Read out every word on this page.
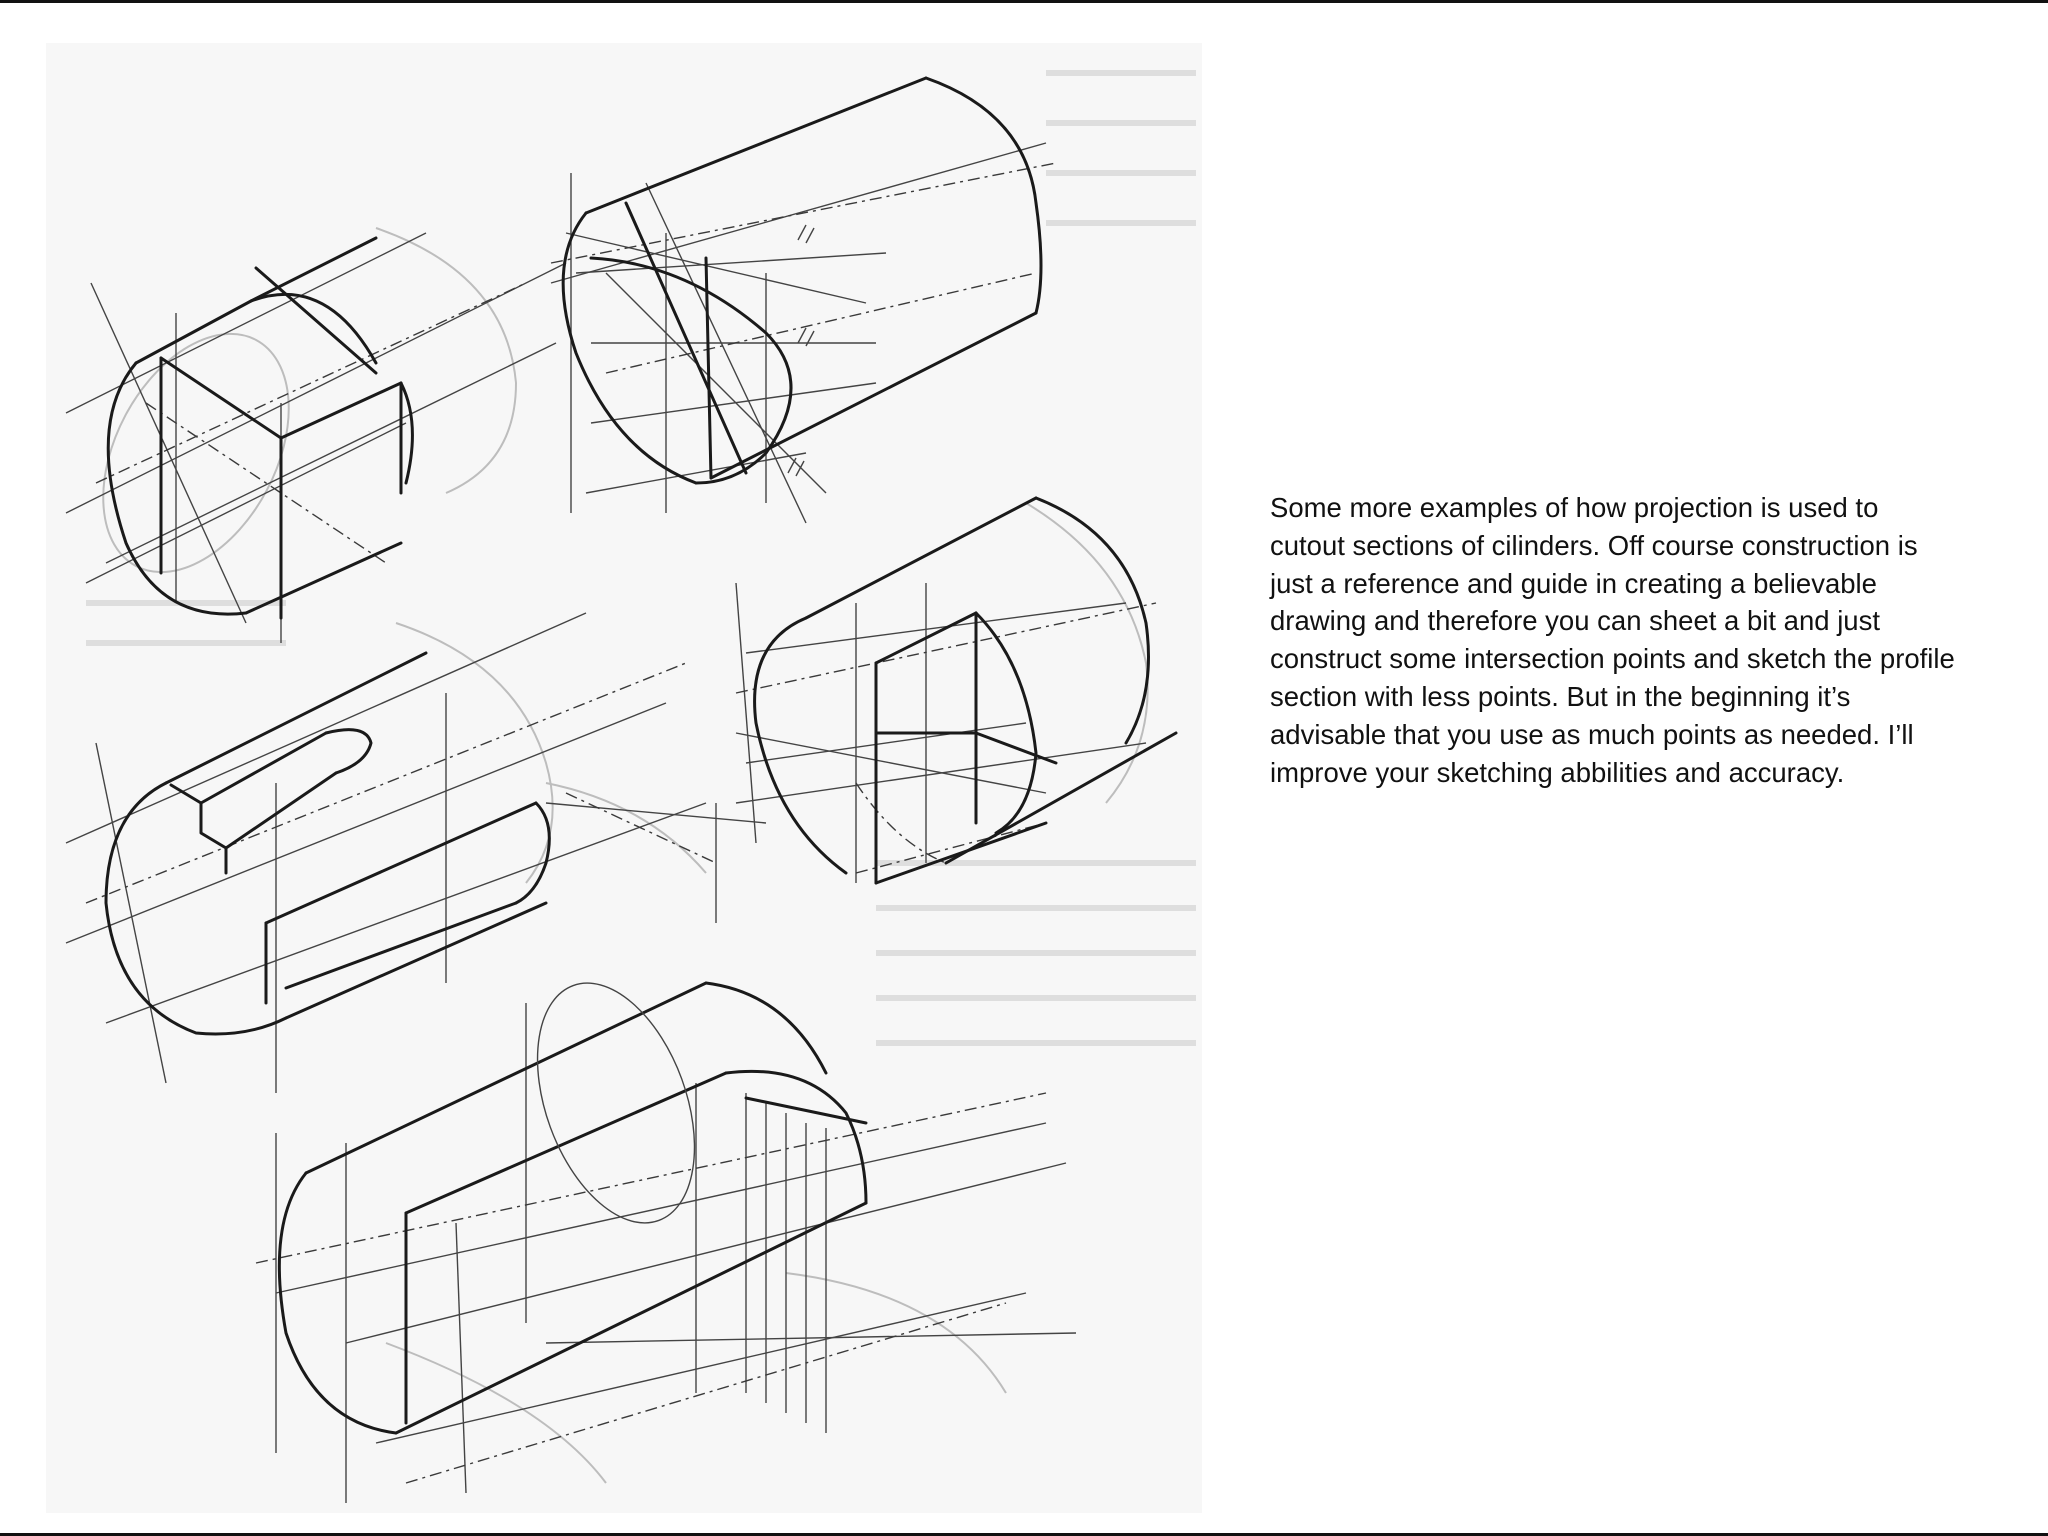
Some more examples of how projection is used to cutout sections of cilinders. Off course construction is just a reference and guide in creating a believable drawing and therefore you can sheet a bit and just construct some intersection points and sketch the profile section with less points. But in the beginning it’s advisable that you use as much points as needed. I’ll improve your sketching abbilities and accuracy.
